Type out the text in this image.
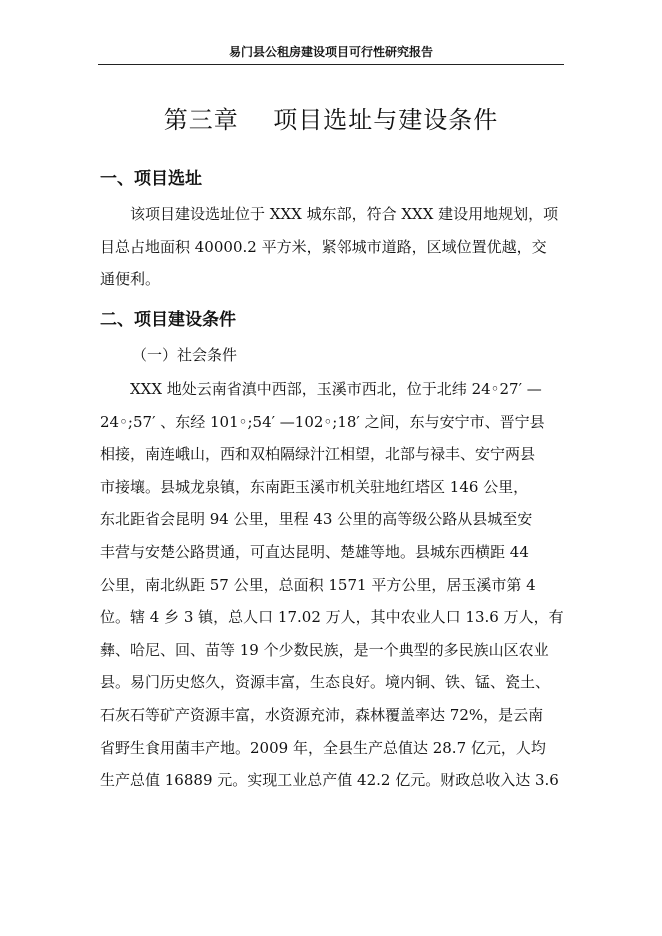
易门县公租房建设项目可行性研究报告
第三章    项目选址与建设条件
一、项目选址
该项目建设选址位于 XXX 城东部，符合 XXX 建设用地规划，项
目总占地面积 40000.2 平方米，紧邻城市道路，区域位置优越，交
通便利。
二、项目建设条件
（一）社会条件
XXX 地处云南省滇中西部，玉溪市西北，位于北纬 24◦27′ —
24◦;57′ 、东经 101◦;54′ —102◦;18′ 之间，东与安宁市、晋宁县
相接，南连峨山，西和双柏隔绿汁江相望，北部与禄丰、安宁两县
市接壤。县城龙泉镇，东南距玉溪市机关驻地红塔区 146 公里，
东北距省会昆明 94 公里，里程 43 公里的高等级公路从县城至安
丰营与安楚公路贯通，可直达昆明、楚雄等地。县城东西横距 44
公里，南北纵距 57 公里，总面积 1571 平方公里，居玉溪市第 4
位。辖 4 乡 3 镇，总人口 17.02 万人，其中农业人口 13.6 万人，有
彝、哈尼、回、苗等 19 个少数民族，是一个典型的多民族山区农业
县。易门历史悠久，资源丰富，生态良好。境内铜、铁、锰、瓷土、
石灰石等矿产资源丰富，水资源充沛，森林覆盖率达 72%，是云南
省野生食用菌丰产地。2009 年，全县生产总值达 28.7 亿元，人均
生产总值 16889 元。实现工业总产值 42.2 亿元。财政总收入达 3.6
